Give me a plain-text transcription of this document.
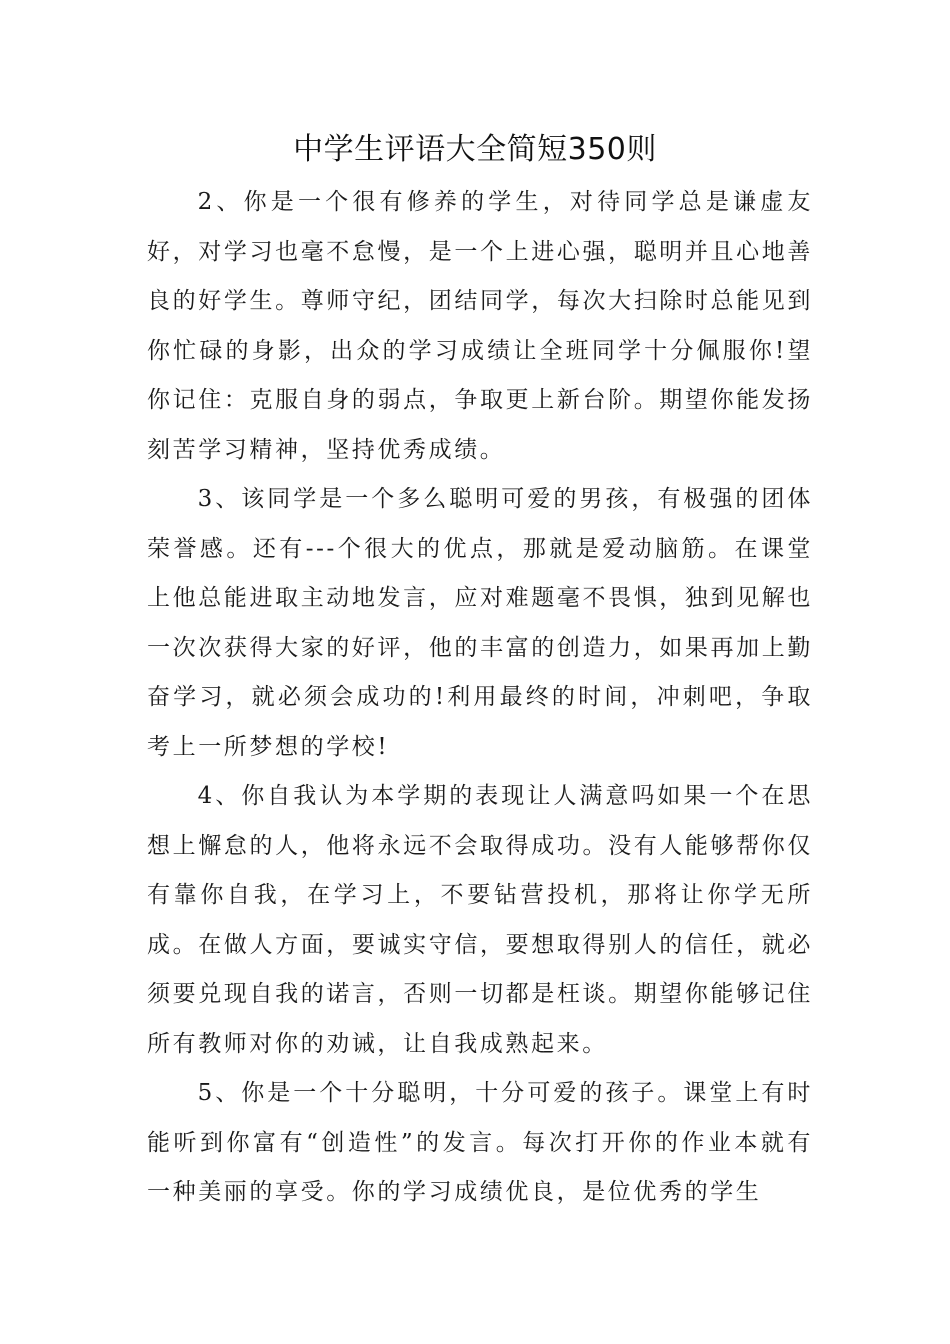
中学生评语大全简短350则

2、你是一个很有修养的学生，对待同学总是谦虚友好，对学习也毫不怠慢，是一个上进心强，聪明并且心地善良的好学生。尊师守纪，团结同学，每次大扫除时总能见到你忙碌的身影，出众的学习成绩让全班同学十分佩服你!望你记住：克服自身的弱点，争取更上新台阶。期望你能发扬刻苦学习精神，坚持优秀成绩。

3、该同学是一个多么聪明可爱的男孩，有极强的团体荣誉感。还有---个很大的优点，那就是爱动脑筋。在课堂上他总能进取主动地发言，应对难题毫不畏惧，独到见解也一次次获得大家的好评，他的丰富的创造力，如果再加上勤奋学习，就必须会成功的!利用最终的时间，冲刺吧，争取考上一所梦想的学校!

4、你自我认为本学期的表现让人满意吗如果一个在思想上懈怠的人，他将永远不会取得成功。没有人能够帮你仅有靠你自我，在学习上，不要钻营投机，那将让你学无所成。在做人方面，要诚实守信，要想取得别人的信任，就必须要兑现自我的诺言，否则一切都是枉谈。期望你能够记住所有教师对你的劝诫，让自我成熟起来。

5、你是一个十分聪明，十分可爱的孩子。课堂上有时能听到你富有“创造性”的发言。每次打开你的作业本就有一种美丽的享受。你的学习成绩优良，是位优秀的学生
